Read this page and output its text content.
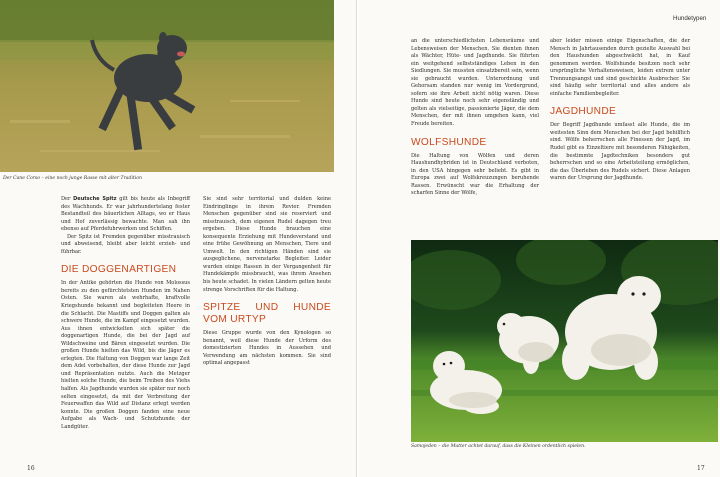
Der Cane Corso – eine noch junge Rasse mit alter Tradition

Der Deutsche Spitz gilt bis heute als Inbegriff des Wachhunds. Er war jahrhundertelang fester Bestandteil des bäuerlichen Alltags, wo er Haus und Hof zuverlässig bewachte. Man sah ihn ebenso auf Pferdefuhrwerken und Schiffen.

Der Spitz ist Fremden gegenüber misstrauisch und abweisend, bleibt aber leicht erzieh- und führbar.

DIE DOGGENARTIGEN

In der Antike gehörten die Hunde von Molossus bereits zu den gefürchtetsten Hunden im Nahen Osten. Sie waren als wehrhafte, kraftvolle Kriegshunde bekannt und begleiteten Heere in die Schlacht. Die Mastiffs und Doggen galten als schwere Hunde, die im Kampf eingesetzt wurden. Aus ihnen entwickelten sich später die doggenartigen Hunde, die bei der Jagd auf Wildschweine und Bären eingesetzt wurden. Die großen Hunde hielten das Wild, bis die Jäger es erlegten. Die Haltung von Doggen war lange Zeit dem Adel vorbehalten, der diese Hunde zur Jagd und Repräsentation nutzte. Auch die Metzger hielten solche Hunde, die beim Treiben des Viehs halfen. Als Jagdhunde wurden sie später nur noch selten eingesetzt, da mit der Verbreitung der Feuerwaffen das Wild auf Distanz erlegt werden konnte. Die großen Doggen fanden eine neue Aufgabe als Wach- und Schutzhunde der Landgüter.

Sie sind sehr territorial und dulden keine Eindringlinge in ihrem Revier. Fremden Menschen gegenüber sind sie reserviert und misstrauisch, dem eigenen Rudel dagegen treu ergeben. Diese Hunde brauchen eine konsequente Erziehung mit Hundeverstand und eine frühe Gewöhnung an Menschen, Tiere und Umwelt. In den richtigen Händen sind sie ausgeglichene, nervenstarke Begleiter. Leider wurden einige Rassen in der Vergangenheit für Hundekämpfe missbraucht, was ihrem Ansehen bis heute schadet. In vielen Ländern gelten heute strenge Vorschriften für die Haltung.

SPITZE UND HUNDE VOM URTYP

Diese Gruppe wurde von den Kynologen so benannt, weil diese Hunde der Urform des domestizierten Hundes in Aussehen und Verwendung am nächsten kommen. Sie sind optimal angepasst

16
Hundetypen

an die unterschiedlichsten Lebensräume und Lebensweisen der Menschen. Sie dienten ihnen als Wächter, Hüte- und Jagdhunde. Sie führten ein weitgehend selbstständiges Leben in den Siedlungen. Sie mussten einsatzbereit sein, wenn sie gebraucht wurden. Unterordnung und Gehorsam standen nur wenig im Vordergrund, sofern sie ihre Arbeit nicht nötig waren. Diese Hunde sind heute noch sehr eigenständig und gelten als vielseitige, passionierte Jäger, die dem Menschen, der mit ihnen umgehen kann, viel Freude bereiten.

WOLFSHUNDE

Die Haltung von Wölfen und deren Haushundhybriden ist in Deutschland verboten, in den USA hingegen sehr beliebt. Es gibt in Europa zwei auf Wolfskreuzungen beruhende Rassen. Erwünscht war die Erhaltung der scharfen Sinne der Wölfe,

aber leider missen einige Eigenschaften, die der Mensch in Jahrtausenden durch gezielte Auswahl bei den Haushunden abgeschwächt hat, in Kauf genommen werden. Wolfshunde besitzen noch sehr ursprüngliche Verhaltensweisen, leiden extrem unter Trennungsangst und sind geschickte Ausbrecher. Sie sind häufig sehr territorial und alles andere als einfache Familienbegleiter.

JAGDHUNDE

Der Begriff Jagdhunde umfasst alle Hunde, die im weitesten Sinn dem Menschen bei der Jagd behilflich sind. Wölfe beherrschen alle Finessen der Jagd, im Rudel gibt es Einzeltiere mit besonderen Fähigkeiten, die bestimmte Jagdtechniken besonders gut beherrschen und so eine Arbeitsteilung ermöglichen, die das Überleben des Rudels sichert. Diese Anlagen waren der Ursprung der Jagdhunde.

Samojeden – die Mutter achtet darauf, dass die Kleinen ordentlich spielen.
17
